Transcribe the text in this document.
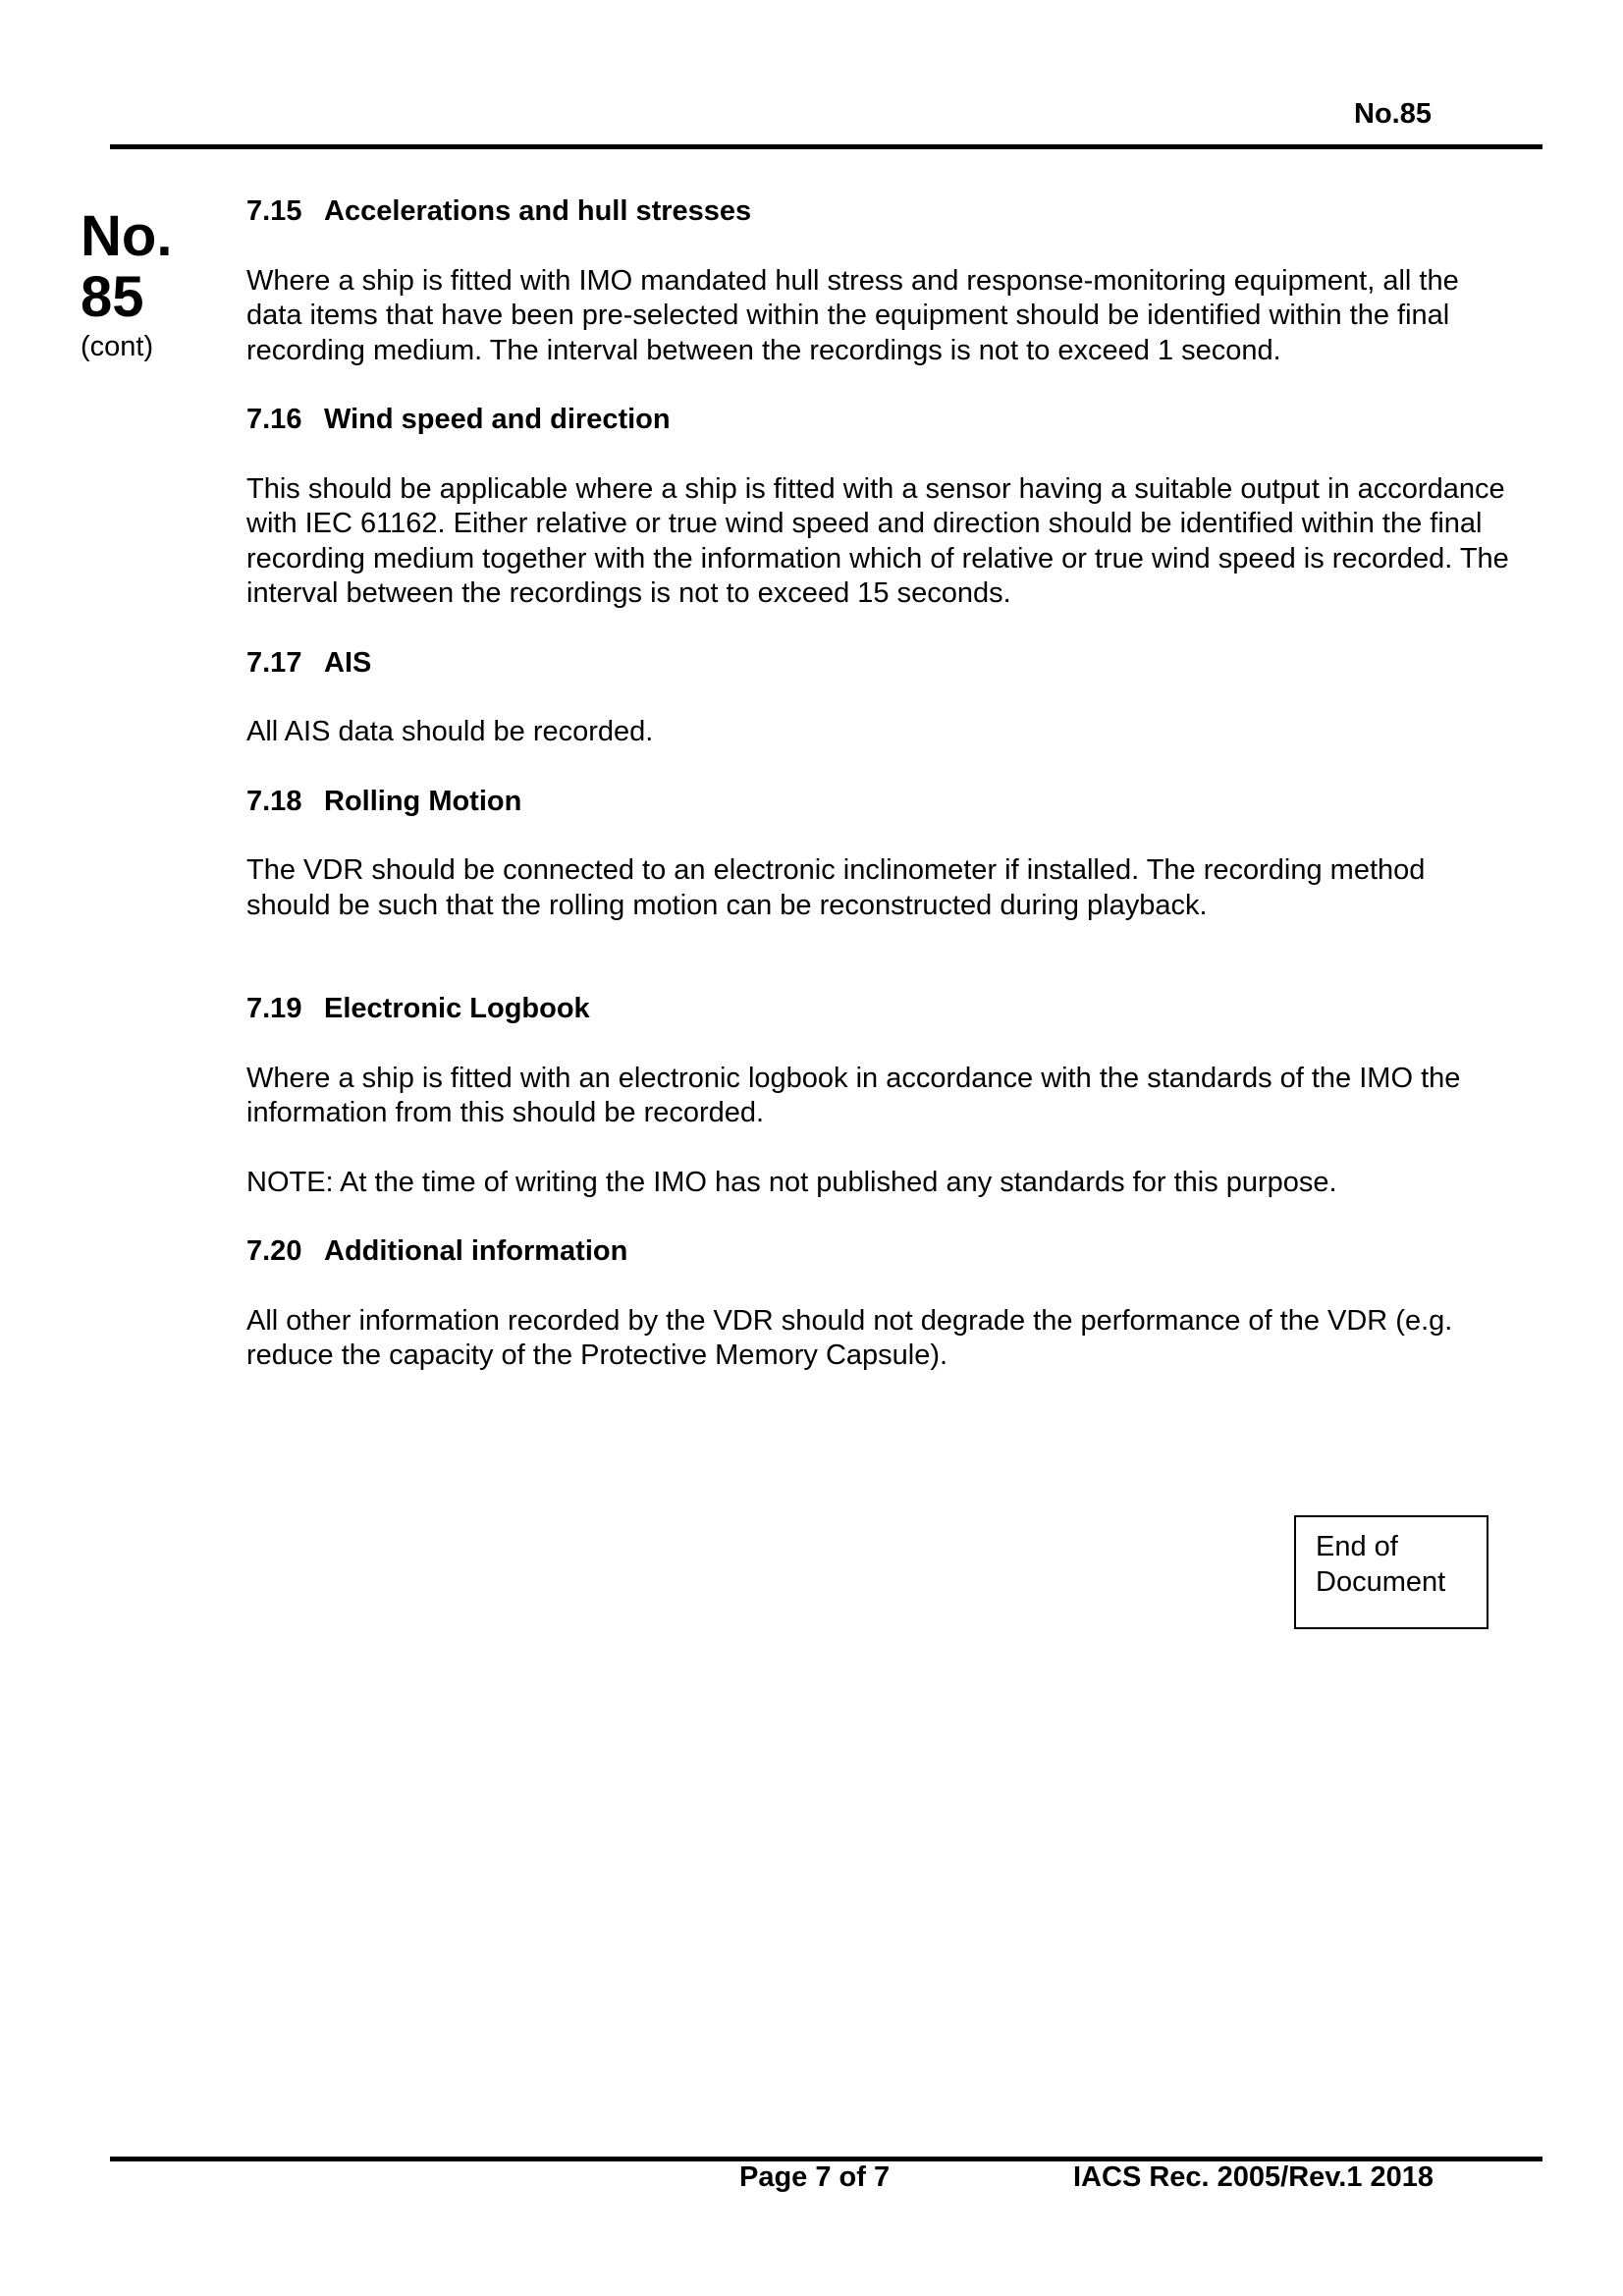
No.85

No.
85
(cont)

7.15 Accelerations and hull stresses

Where a ship is fitted with IMO mandated hull stress and response-monitoring equipment, all the data items that have been pre-selected within the equipment should be identified within the final recording medium. The interval between the recordings is not to exceed 1 second.

7.16 Wind speed and direction

This should be applicable where a ship is fitted with a sensor having a suitable output in accordance with IEC 61162. Either relative or true wind speed and direction should be identified within the final recording medium together with the information which of relative or true wind speed is recorded. The interval between the recordings is not to exceed 15 seconds.

7.17 AIS

All AIS data should be recorded.

7.18 Rolling Motion

The VDR should be connected to an electronic inclinometer if installed. The recording method should be such that the rolling motion can be reconstructed during playback.

7.19 Electronic Logbook

Where a ship is fitted with an electronic logbook in accordance with the standards of the IMO the information from this should be recorded.

NOTE: At the time of writing the IMO has not published any standards for this purpose.

7.20 Additional information

All other information recorded by the VDR should not degrade the performance of the VDR (e.g. reduce the capacity of the Protective Memory Capsule).

End of
Document
Page 7 of 7	IACS Rec. 2005/Rev.1 2018
